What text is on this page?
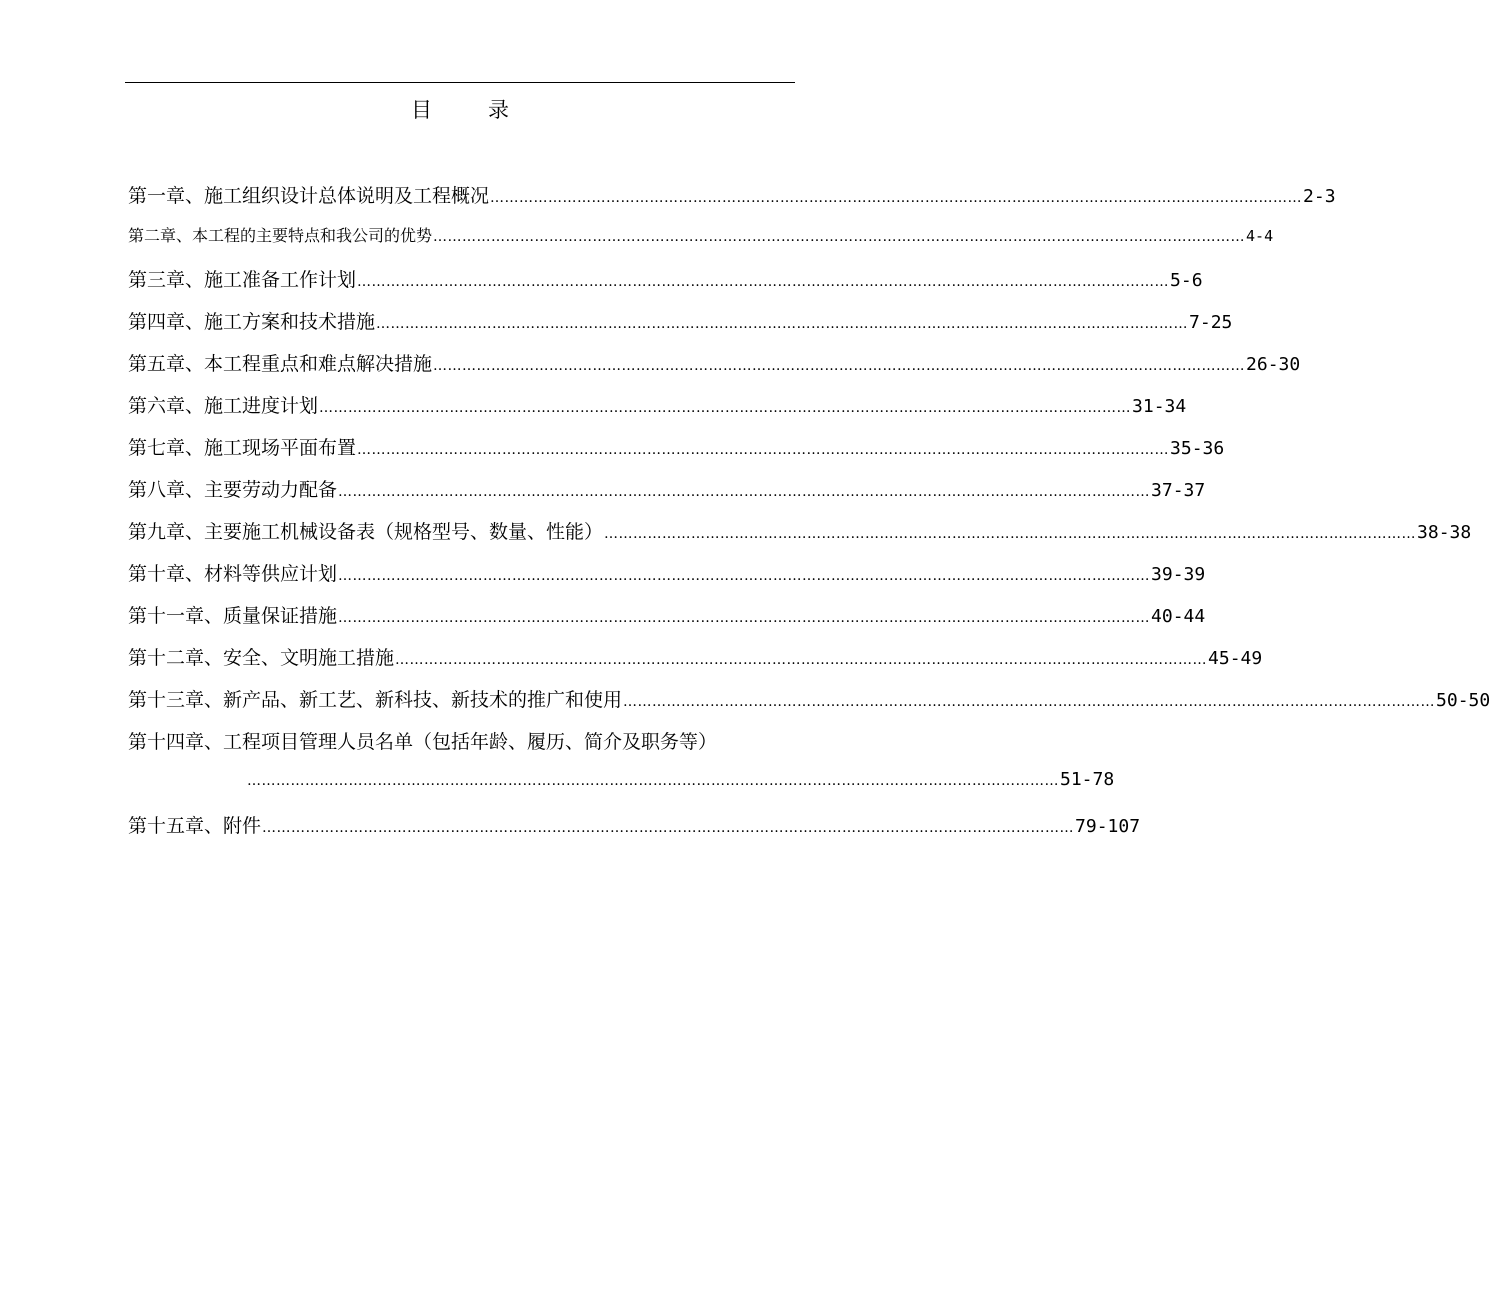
目	录
第一章、施工组织设计总体说明及工程概况 …………………………………………………………………………………………………………………………………………………… 2-3
第二章、本工程的主要特点和我公司的优势 …………………………………………………………………………………………………………………………………………………… 4-4
第三章、施工准备工作计划 …………………………………………………………………………………………………………………………………………………… 5-6
第四章、施工方案和技术措施 …………………………………………………………………………………………………………………………………………………… 7-25
第五章、本工程重点和难点解决措施 …………………………………………………………………………………………………………………………………………………… 26-30
第六章、施工进度计划 …………………………………………………………………………………………………………………………………………………… 31-34
第七章、施工现场平面布置 …………………………………………………………………………………………………………………………………………………… 35-36
第八章、主要劳动力配备 …………………………………………………………………………………………………………………………………………………… 37-37
第九章、主要施工机械设备表（规格型号、数量、性能） …………………………………………………………………………………………………………………………………………………… 38-38
第十章、材料等供应计划 …………………………………………………………………………………………………………………………………………………… 39-39
第十一章、质量保证措施 …………………………………………………………………………………………………………………………………………………… 40-44
第十二章、安全、文明施工措施 …………………………………………………………………………………………………………………………………………………… 45-49
第十三章、新产品、新工艺、新科技、新技术的推广和使用 …………………………………………………………………………………………………………………………………………………… 50-50
第十四章、工程项目管理人员名单（包括年龄、履历、简介及职务等）
…………………………………………………………………………………………………………………………………………………… 51-78
第十五章、附件 …………………………………………………………………………………………………………………………………………………… 79-107
